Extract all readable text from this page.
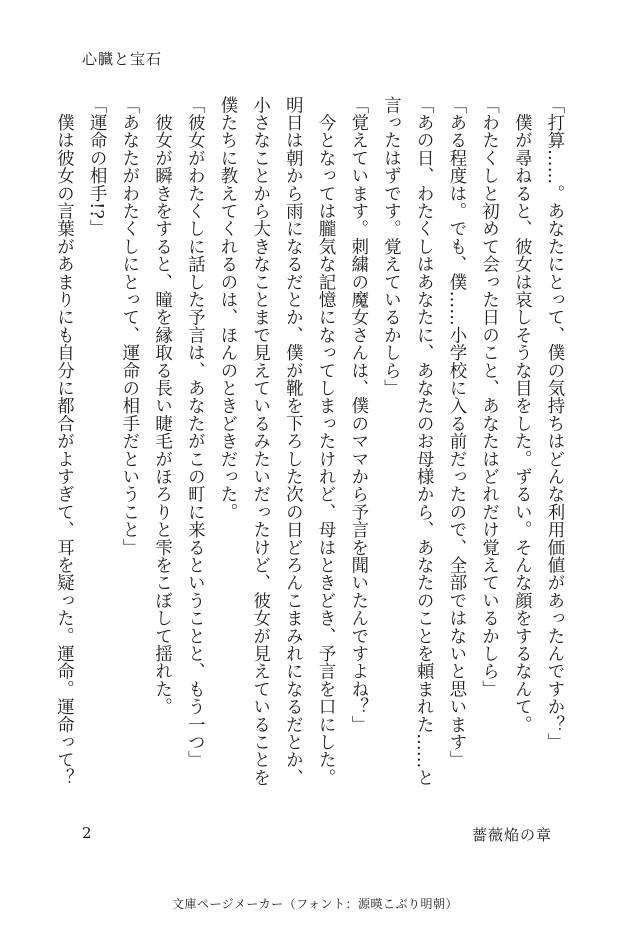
心臓と宝石
「打算……。あなたにとって、僕の気持ちはどんな利用価値があったんですか？」
　僕が尋ねると、彼女は哀しそうな目をした。ずるい。そんな顔をするなんて。
「わたくしと初めて会った日のこと、あなたはどれだけ覚えているかしら」
「ある程度は。でも、僕……小学校に入る前だったので、全部ではないと思います」
「あの日、わたくしはあなたに、あなたのお母様から、あなたのことを頼まれた……と
言ったはずです。覚えているかしら」
「覚えています。刺繍の魔女さんは、僕のママから予言を聞いたんですよね？」
　今となっては朧気な記憶になってしまったけれど、母はときどき、予言を口にした。
明日は朝から雨になるだとか、僕が靴を下ろした次の日どろんこまみれになるだとか、
小さなことから大きなことまで見えているみたいだったけど、彼女が見えていることを
僕たちに教えてくれるのは、ほんのときどきだった。
「彼女がわたくしに話した予言は、あなたがこの町に来るということと、もう一つ」
　彼女が瞬きをすると、瞳を縁取る長い睫毛がほろりと雫をこぼして揺れた。
「あなたがわたくしにとって、運命の相手だということ」
「運命の相手!?」
　僕は彼女の言葉があまりにも自分に都合がよすぎて、耳を疑った。運命。運命って？
2	薔薇焔の章
文庫ページメーカー（フォント：源暎こぶり明朝）
